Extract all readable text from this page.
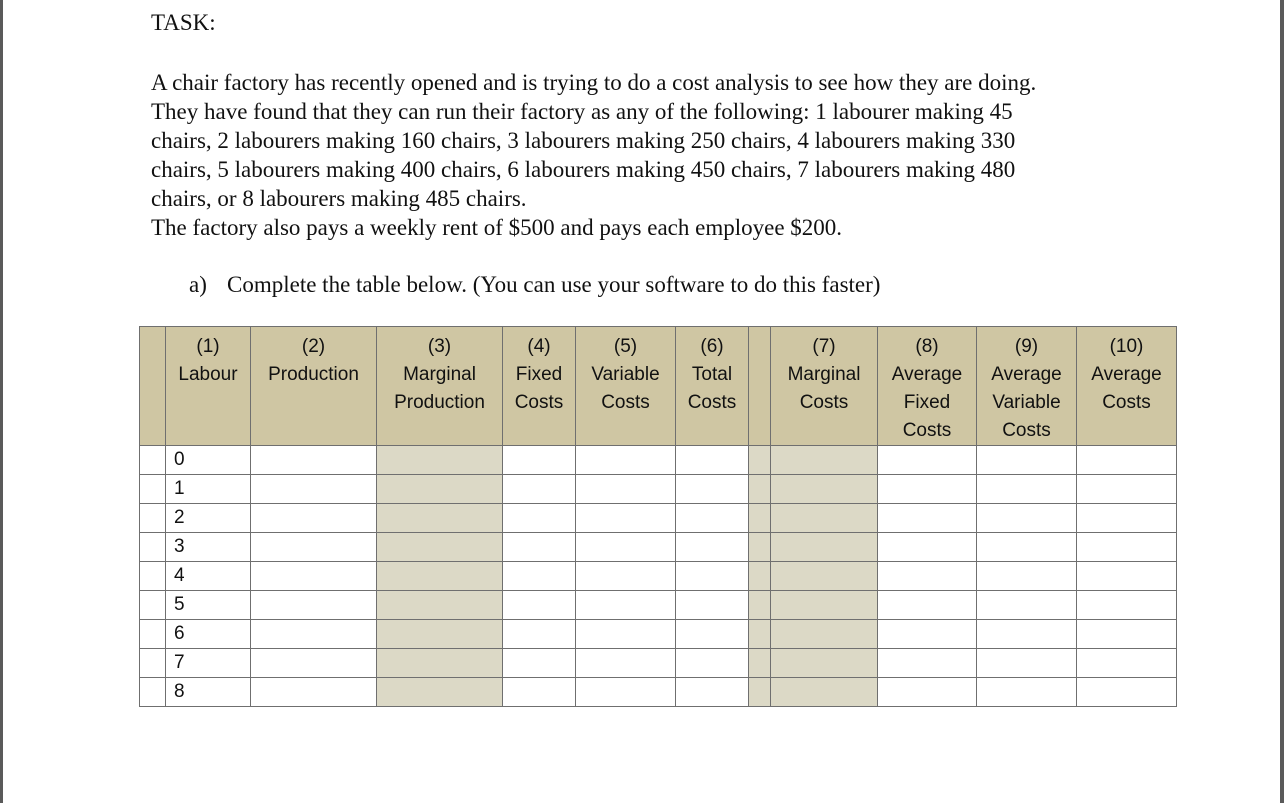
TASK:

A chair factory has recently opened and is trying to do a cost analysis to see how they are doing.

They have found that they can run their factory as any of the following: 1 labourer making 45

chairs, 2 labourers making 160 chairs, 3 labourers making 250 chairs, 4 labourers making 330

chairs, 5 labourers making 400 chairs, 6 labourers making 450 chairs, 7 labourers making 480

chairs, or 8 labourers making 485 chairs.

The factory also pays a weekly rent of $500 and pays each employee $200.

a) Complete the table below. (You can use your software to do this faster)
	(1)
Labour	(2)
Production	(3)
Marginal
Production	(4)
Fixed
Costs	(5)
Variable
Costs	(6)
Total
Costs		(7)
Marginal
Costs	(8)
Average
Fixed
Costs	(9)
Average
Variable
Costs	(10)
Average
Costs
	0										
	1										
	2										
	3										
	4										
	5										
	6										
	7										
	8										
